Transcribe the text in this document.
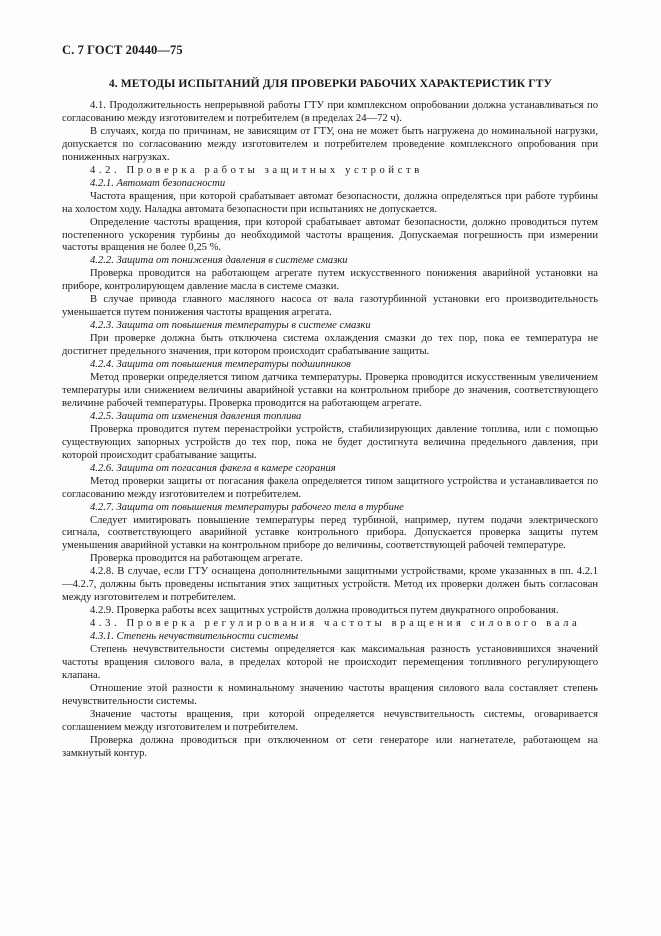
С. 7 ГОСТ 20440—75
4. МЕТОДЫ ИСПЫТАНИЙ ДЛЯ ПРОВЕРКИ РАБОЧИХ ХАРАКТЕРИСТИК ГТУ

4.1. Продолжительность непрерывной работы ГТУ при комплексном опробовании должна устанавливаться по согласованию между изготовителем и потребителем (в пределах 24—72 ч).

В случаях, когда по причинам, не зависящим от ГТУ, она не может быть нагружена до номинальной нагрузки, допускается по согласованию между изготовителем и потребителем проведение комплексного опробования при пониженных нагрузках.

4.2. Проверка работы защитных устройств

4.2.1. Автомат безопасности

Частота вращения, при которой срабатывает автомат безопасности, должна определяться при работе турбины на холостом ходу. Наладка автомата безопасности при испытаниях не допускается.

Определение частоты вращения, при которой срабатывает автомат безопасности, должно проводиться путем постепенного ускорения турбины до необходимой частоты вращения. Допускаемая погрешность при измерении частоты вращения не более 0,25 %.

4.2.2. Защита от понижения давления в системе смазки

Проверка проводится на работающем агрегате путем искусственного понижения аварийной установки на приборе, контролирующем давление масла в системе смазки.

В случае привода главного масляного насоса от вала газотурбинной установки его производительность уменьшается путем понижения частоты вращения агрегата.

4.2.3. Защита от повышения температуры в системе смазки

При проверке должна быть отключена система охлаждения смазки до тех пор, пока ее температура не достигнет предельного значения, при котором происходит срабатывание защиты.

4.2.4. Защита от повышения температуры подшипников

Метод проверки определяется типом датчика температуры. Проверка проводится искусственным увеличением температуры или снижением величины аварийной уставки на контрольном приборе до значения, соответствующего величине рабочей температуры. Проверка проводится на работающем агрегате.

4.2.5. Защита от изменения давления топлива

Проверка проводится путем перенастройки устройств, стабилизирующих давление топлива, или с помощью существующих запорных устройств до тех пор, пока не будет достигнута величина предельного давления, при которой происходит срабатывание защиты.

4.2.6. Защита от погасания факела в камере сгорания

Метод проверки защиты от погасания факела определяется типом защитного устройства и устанавливается по согласованию между изготовителем и потребителем.

4.2.7. Защита от повышения температуры рабочего тела в турбине

Следует имитировать повышение температуры перед турбиной, например, путем подачи электрического сигнала, соответствующего аварийной уставке контрольного прибора. Допускается проверка защиты путем уменьшения аварийной уставки на контрольном приборе до величины, соответствующей рабочей температуре.

Проверка проводится на работающем агрегате.

4.2.8. В случае, если ГТУ оснащена дополнительными защитными устройствами, кроме указанных в пп. 4.2.1—4.2.7, должны быть проведены испытания этих защитных устройств. Метод их проверки должен быть согласован между изготовителем и потребителем.

4.2.9. Проверка работы всех защитных устройств должна проводиться путем двукратного опробования.

4.3. Проверка регулирования частоты вращения силового вала

4.3.1. Степень нечувствительности системы

Степень нечувствительности системы определяется как максимальная разность установившихся значений частоты вращения силового вала, в пределах которой не происходит перемещения топливного регулирующего клапана.

Отношение этой разности к номинальному значению частоты вращения силового вала составляет степень нечувствительности системы.

Значение частоты вращения, при которой определяется нечувствительность системы, оговаривается соглашением между изготовителем и потребителем.

Проверка должна проводиться при отключенном от сети генераторе или нагнетателе, работающем на замкнутый контур.
